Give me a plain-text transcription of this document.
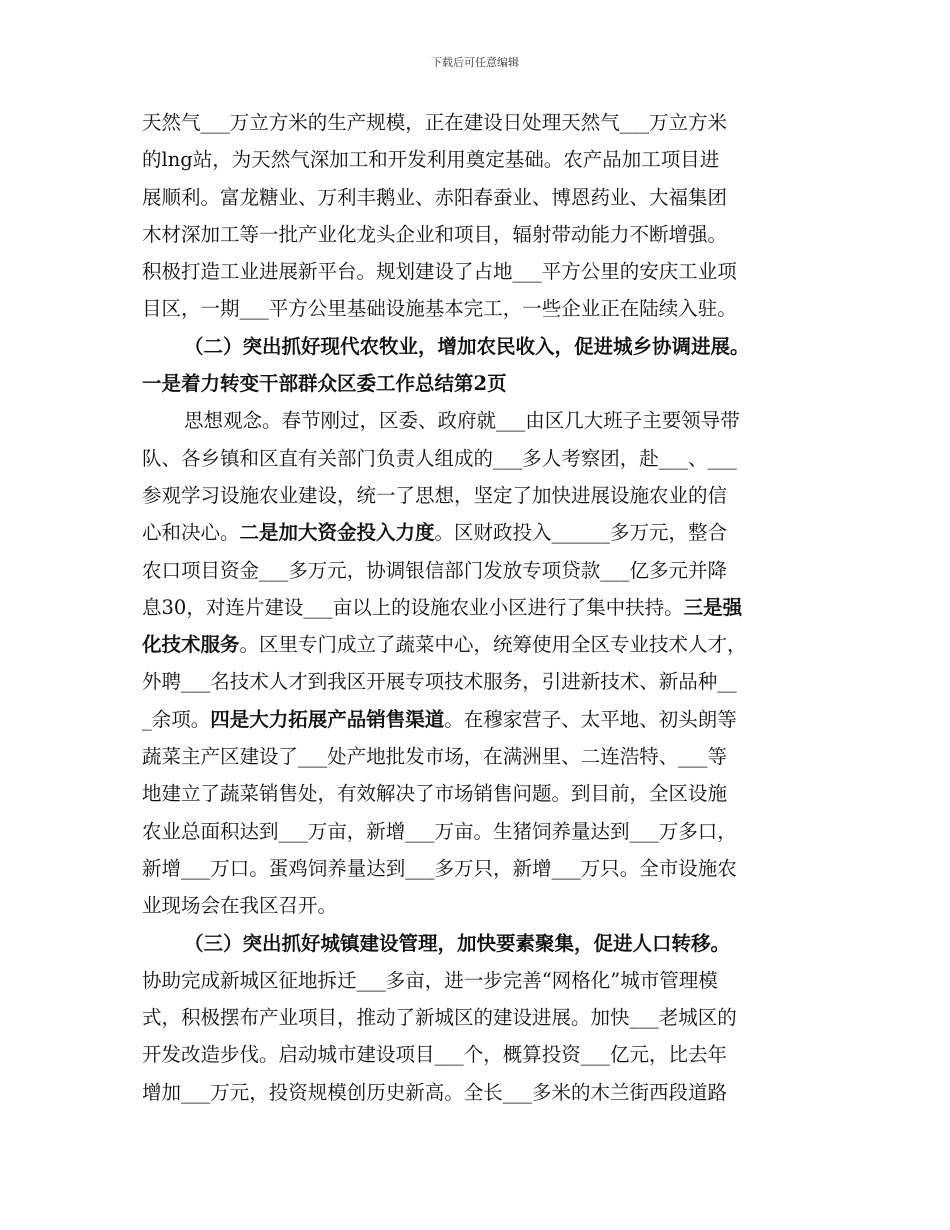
下载后可任意编辑
天然气___万立方米的生产规模，正在建设日处理天然气___万立方米
的lng站，为天然气深加工和开发利用奠定基础。农产品加工项目进
展顺利。富龙糖业、万利丰鹅业、赤阳春蚕业、博恩药业、大福集团
木材深加工等一批产业化龙头企业和项目，辐射带动能力不断增强。
积极打造工业进展新平台。规划建设了占地___平方公里的安庆工业项
目区，一期___平方公里基础设施基本完工，一些企业正在陆续入驻。
（二）突出抓好现代农牧业，增加农民收入，促进城乡协调进展。
一是着力转变干部群众区委工作总结第2页
思想观念。春节刚过，区委、政府就___由区几大班子主要领导带
队、各乡镇和区直有关部门负责人组成的___多人考察团，赴___、___
参观学习设施农业建设，统一了思想，坚定了加快进展设施农业的信
心和决心。二是加大资金投入力度。区财政投入______多万元，整合
农口项目资金___多万元，协调银信部门发放专项贷款___亿多元并降
息30，对连片建设___亩以上的设施农业小区进行了集中扶持。三是强
化技术服务。区里专门成立了蔬菜中心，统筹使用全区专业技术人才，
外聘___名技术人才到我区开展专项技术服务，引进新技术、新品种__
_余项。四是大力拓展产品销售渠道。在穆家营子、太平地、初头朗等
蔬菜主产区建设了___处产地批发市场，在满洲里、二连浩特、___等
地建立了蔬菜销售处，有效解决了市场销售问题。到目前，全区设施
农业总面积达到___万亩，新增___万亩。生猪饲养量达到___万多口，
新增___万口。蛋鸡饲养量达到___多万只，新增___万只。全市设施农
业现场会在我区召开。
（三）突出抓好城镇建设管理，加快要素聚集，促进人口转移。
协助完成新城区征地拆迁___多亩，进一步完善“网格化”城市管理模
式，积极摆布产业项目，推动了新城区的建设进展。加快___老城区的
开发改造步伐。启动城市建设项目___个，概算投资___亿元，比去年
增加___万元，投资规模创历史新高。全长___多米的木兰街西段道路
